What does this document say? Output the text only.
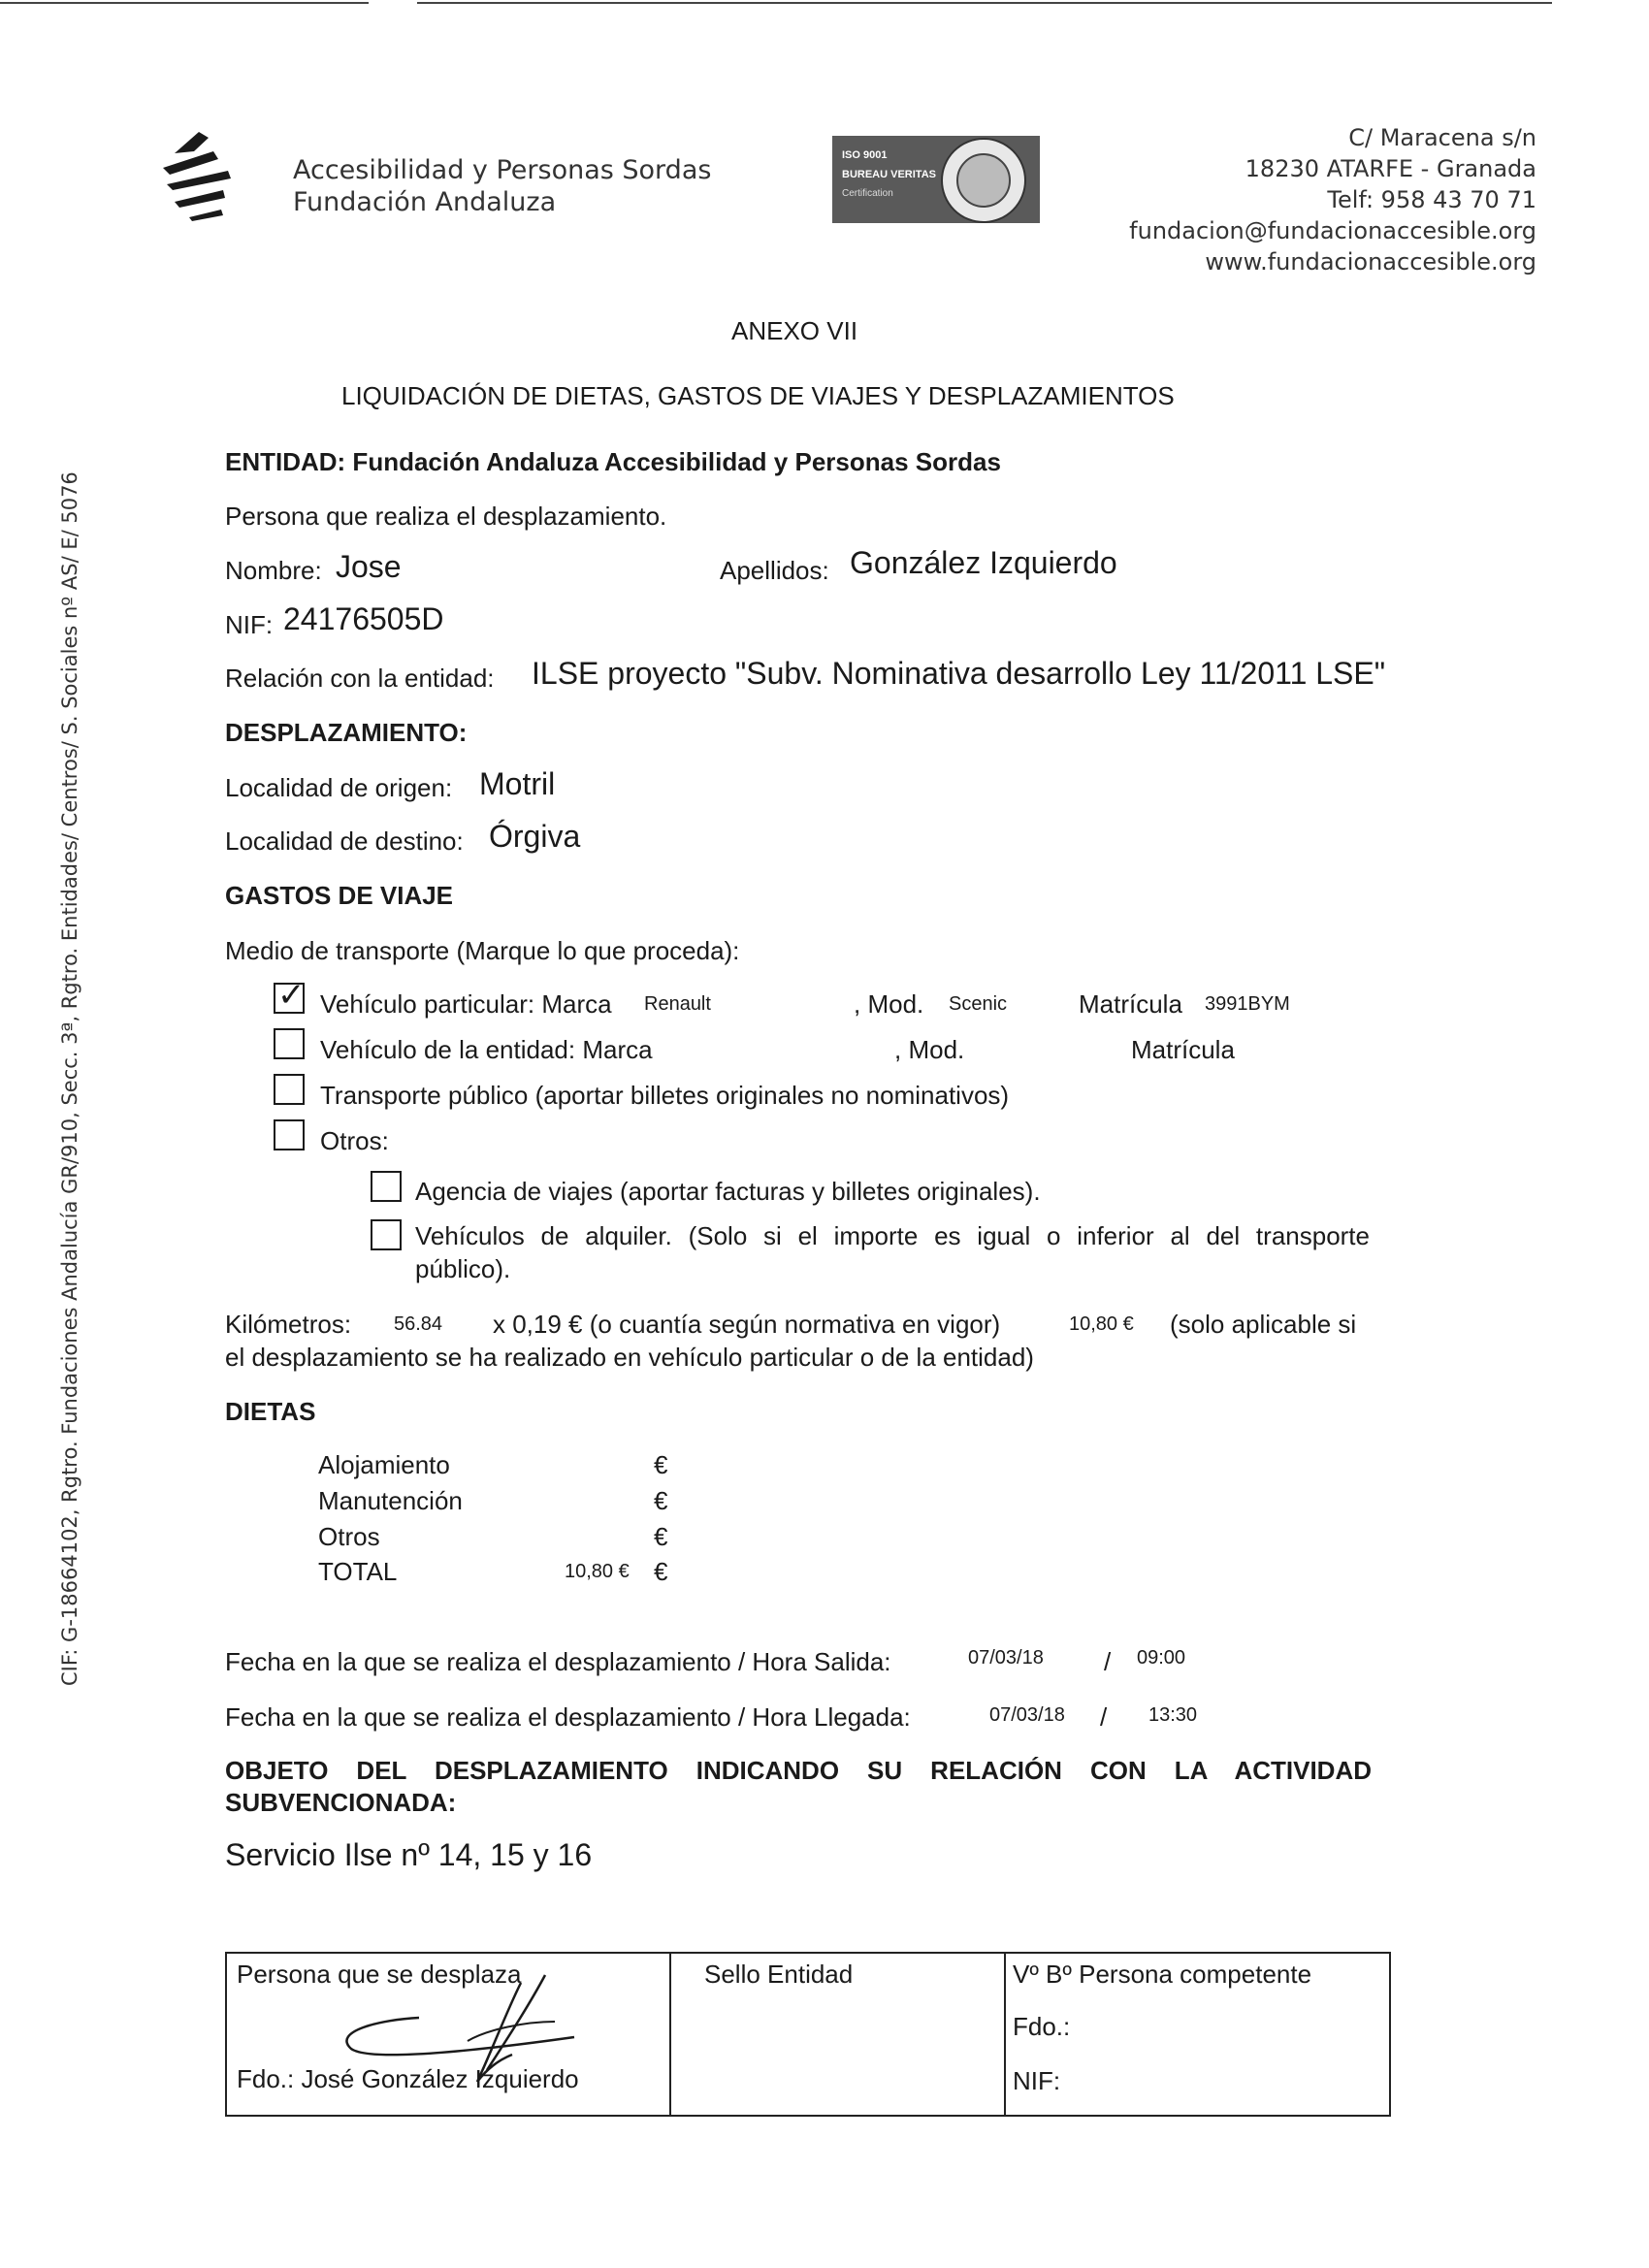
Accesibilidad y Personas Sordas
Fundación Andaluza
ISO 9001
BUREAU VERITAS
Certification
C/ Maracena s/n
18230 ATARFE - Granada
Telf: 958 43 70 71
fundacion@fundacionaccesible.org
www.fundacionaccesible.org
CIF: G-18664102, Rgtro. Fundaciones Andalucía GR/910, Secc. 3ª, Rgtro. Entidades/ Centros/ S. Sociales nº AS/ E/ 5076
ANEXO VII
LIQUIDACIÓN DE DIETAS, GASTOS DE VIAJES Y DESPLAZAMIENTOS
ENTIDAD: Fundación Andaluza Accesibilidad y Personas Sordas
Persona que realiza el desplazamiento.
Nombre: Jose	Apellidos: González Izquierdo
NIF: 24176505D
Relación con la entidad: ILSE proyecto "Subv. Nominativa desarrollo Ley 11/2011 LSE"
DESPLAZAMIENTO:
Localidad de origen: Motril
Localidad de destino: Órgiva
GASTOS DE VIAJE
Medio de transporte (Marque lo que proceda):
✓ Vehículo particular: Marca Renault	, Mod. Scenic	Matrícula 3991BYM
Vehículo de la entidad: Marca	, Mod.	Matrícula
Transporte público (aportar billetes originales no nominativos)
Otros:
Agencia de viajes (aportar facturas y billetes originales).
Vehículos de alquiler. (Solo si el importe es igual o inferior al del transporte
público).
Kilómetros: 56.84 x 0,19 € (o cuantía según normativa en vigor)	10,80 € (solo aplicable si
el desplazamiento se ha realizado en vehículo particular o de la entidad)
DIETAS
Alojamiento	€
Manutención	€
Otros	€
TOTAL	10,80 € €
Fecha en la que se realiza el desplazamiento / Hora Salida:	07/03/18 / 09:00
Fecha en la que se realiza el desplazamiento / Hora Llegada:	07/03/18 / 13:30
OBJETO DEL DESPLAZAMIENTO INDICANDO SU RELACIÓN CON LA ACTIVIDAD
SUBVENCIONADA:
Servicio Ilse nº 14, 15 y 16
Persona que se desplaza
Fdo.: José González Izquierdo
Sello Entidad	Vº Bº Persona competente
Fdo.:
NIF:
